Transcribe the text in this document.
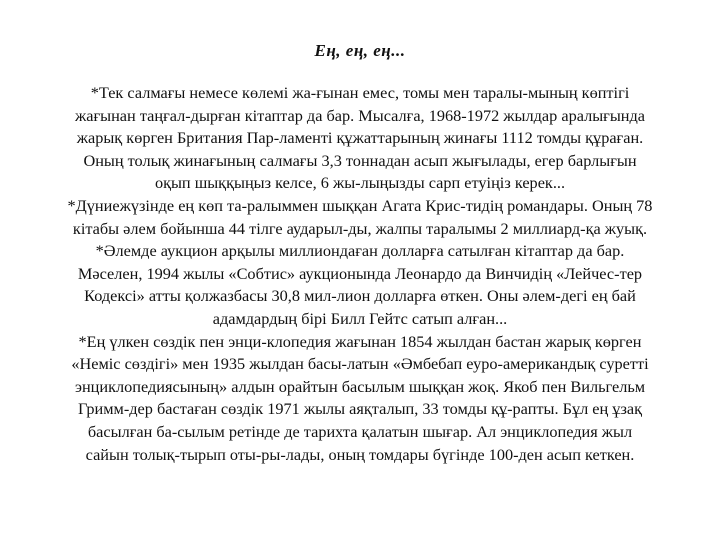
Ең, ең, ең...
*Тек салмағы немесе көлемі жа-ғынан емес, томы мен таралы-мының көптігі
жағынан таңғал-дырған кітаптар да бар. Мысалға, 1968-1972 жылдар аралығында
жарық көрген Британия Пар-ламенті құжаттарының жинағы 1112 томды құраған.
Оның толық жинағының салмағы 3,3 тоннадан асып жығылады, егер барлығын
оқып шыққыңыз келсе, 6 жы-лыңызды сарп етуіңіз керек...
*Дүниежүзінде ең көп та-ралыммен шыққан Агата Крис-тидің романдары. Оның 78
кітабы әлем бойынша 44 тілге аударыл-ды, жалпы таралымы 2 миллиард-қа жуық.
*Әлемде аукцион арқылы миллиондаған долларға сатылған кітаптар да бар.
Мәселен, 1994 жылы «Собтис» аукционында Леонардо да Винчидің «Лейчес-тер
Кодексі» атты қолжазбасы 30,8 мил-лион долларға өткен. Оны әлем-дегі ең бай
адамдардың бірі Билл Гейтс сатып алған...
*Ең үлкен сөздік пен энци-клопедия жағынан 1854 жылдан бастан жарық көрген
«Неміс сөздігі» мен 1935 жылдан басы-латын «Әмбебап еуро-американдық суретті
энциклопедиясының» алдын орайтын басылым шыққан жоқ. Якоб пен Вильгельм
Гримм-дер бастаған сөздік 1971 жылы аяқталып, 33 томды құ-рапты. Бұл ең ұзақ
басылған ба-сылым ретінде де тарихта қалатын шығар. Ал энциклопедия жыл
сайын толық-тырып оты-ры-лады, оның томдары бүгінде 100-ден асып кеткен.
